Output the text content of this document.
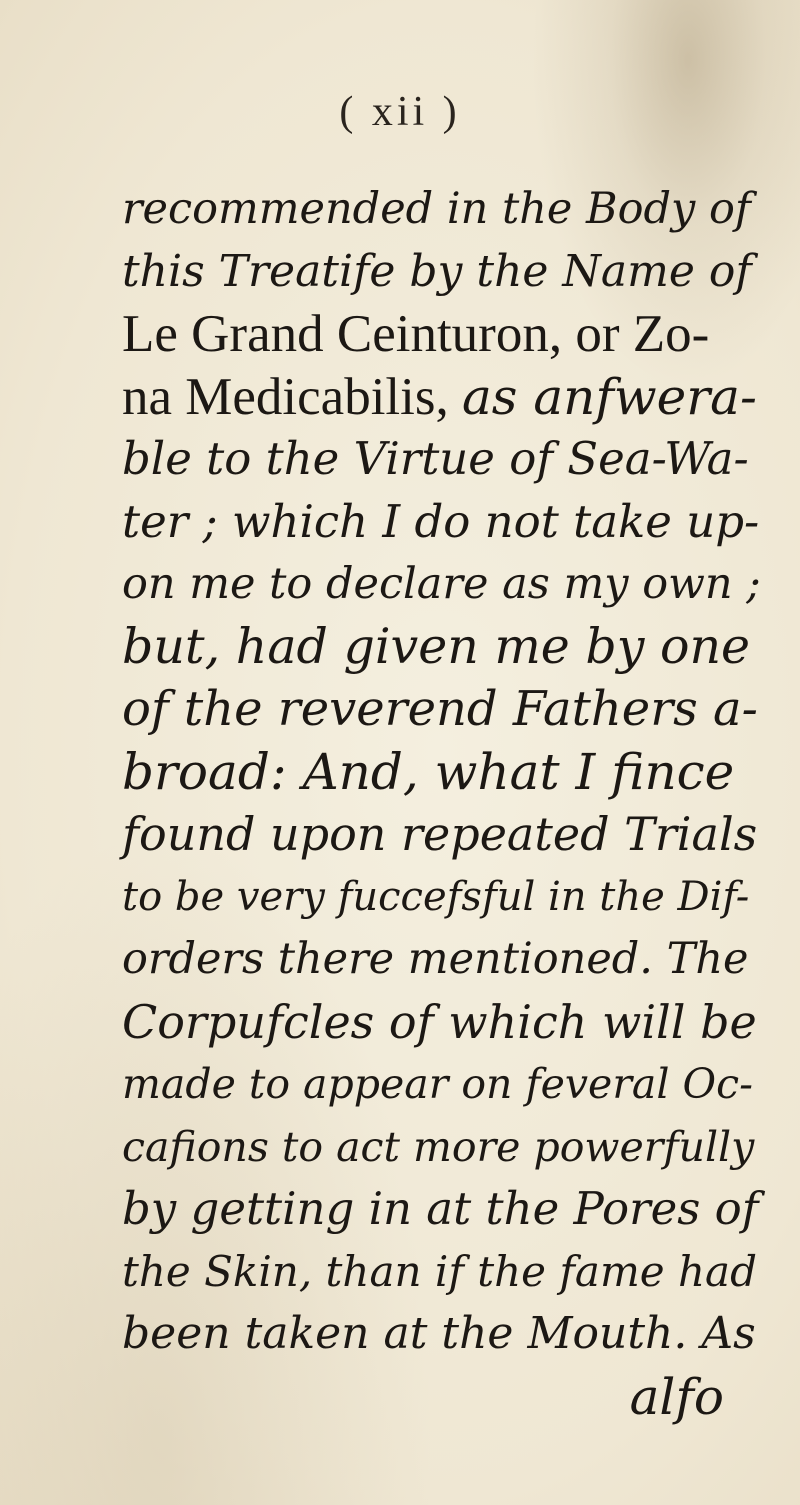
( xii )
recommended in the Body of
this Treatife by the Name of
Le Grand Ceinturon, or Zo-
na Medicabilis, as anfwera-
ble to the Virtue of Sea-Wa-
ter ; which I do not take up-
on me to declare as my own ;
but, had given me by one
of the reverend Fathers a-
broad: And, what I fince
found upon repeated Trials
to be very fuccefsful in the Dif-
orders there mentioned. The
Corpufcles of which will be
made to appear on feveral Oc-
cafions to act more powerfully
by getting in at the Pores of
the Skin, than if the fame had
been taken at the Mouth. As
alfo
